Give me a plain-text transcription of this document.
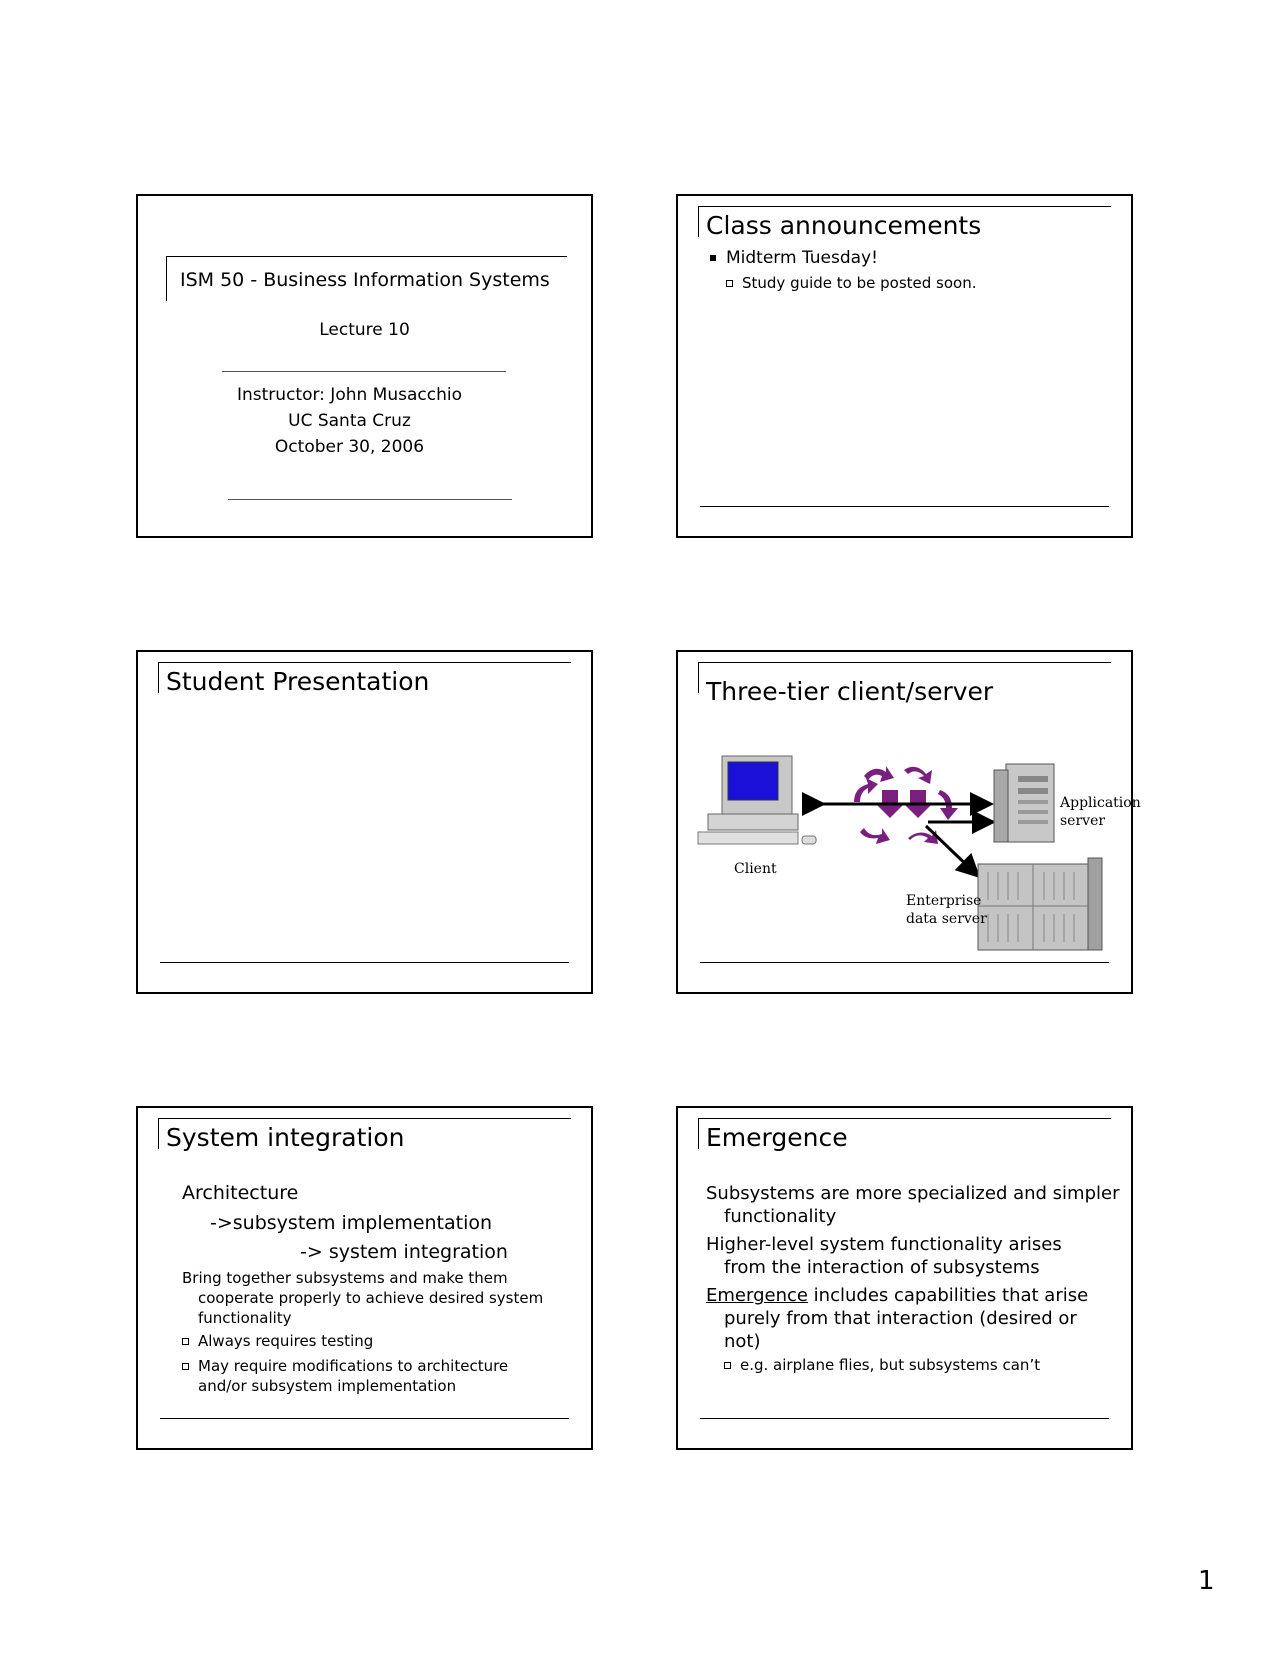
ISM 50 - Business Information Systems
Lecture 10
Instructor: John Musacchio
UC Santa Cruz
October 30, 2006
Class announcements
Midterm Tuesday!
Study guide to be posted soon.
Student Presentation	Three-tier client/server
Client
Application
server
Enterprise
data server
System integration
Architecture
->subsystem implementation
-> system integration
Bring together subsystems and make them
cooperate properly to achieve desired system
functionality
Always requires testing
May require modifications to architecture
and/or subsystem implementation
Emergence
Subsystems are more specialized and simpler
functionality
Higher-level system functionality arises
from the interaction of subsystems
Emergence includes capabilities that arise
purely from that interaction (desired or
not)
e.g. airplane flies, but subsystems can’t
1
